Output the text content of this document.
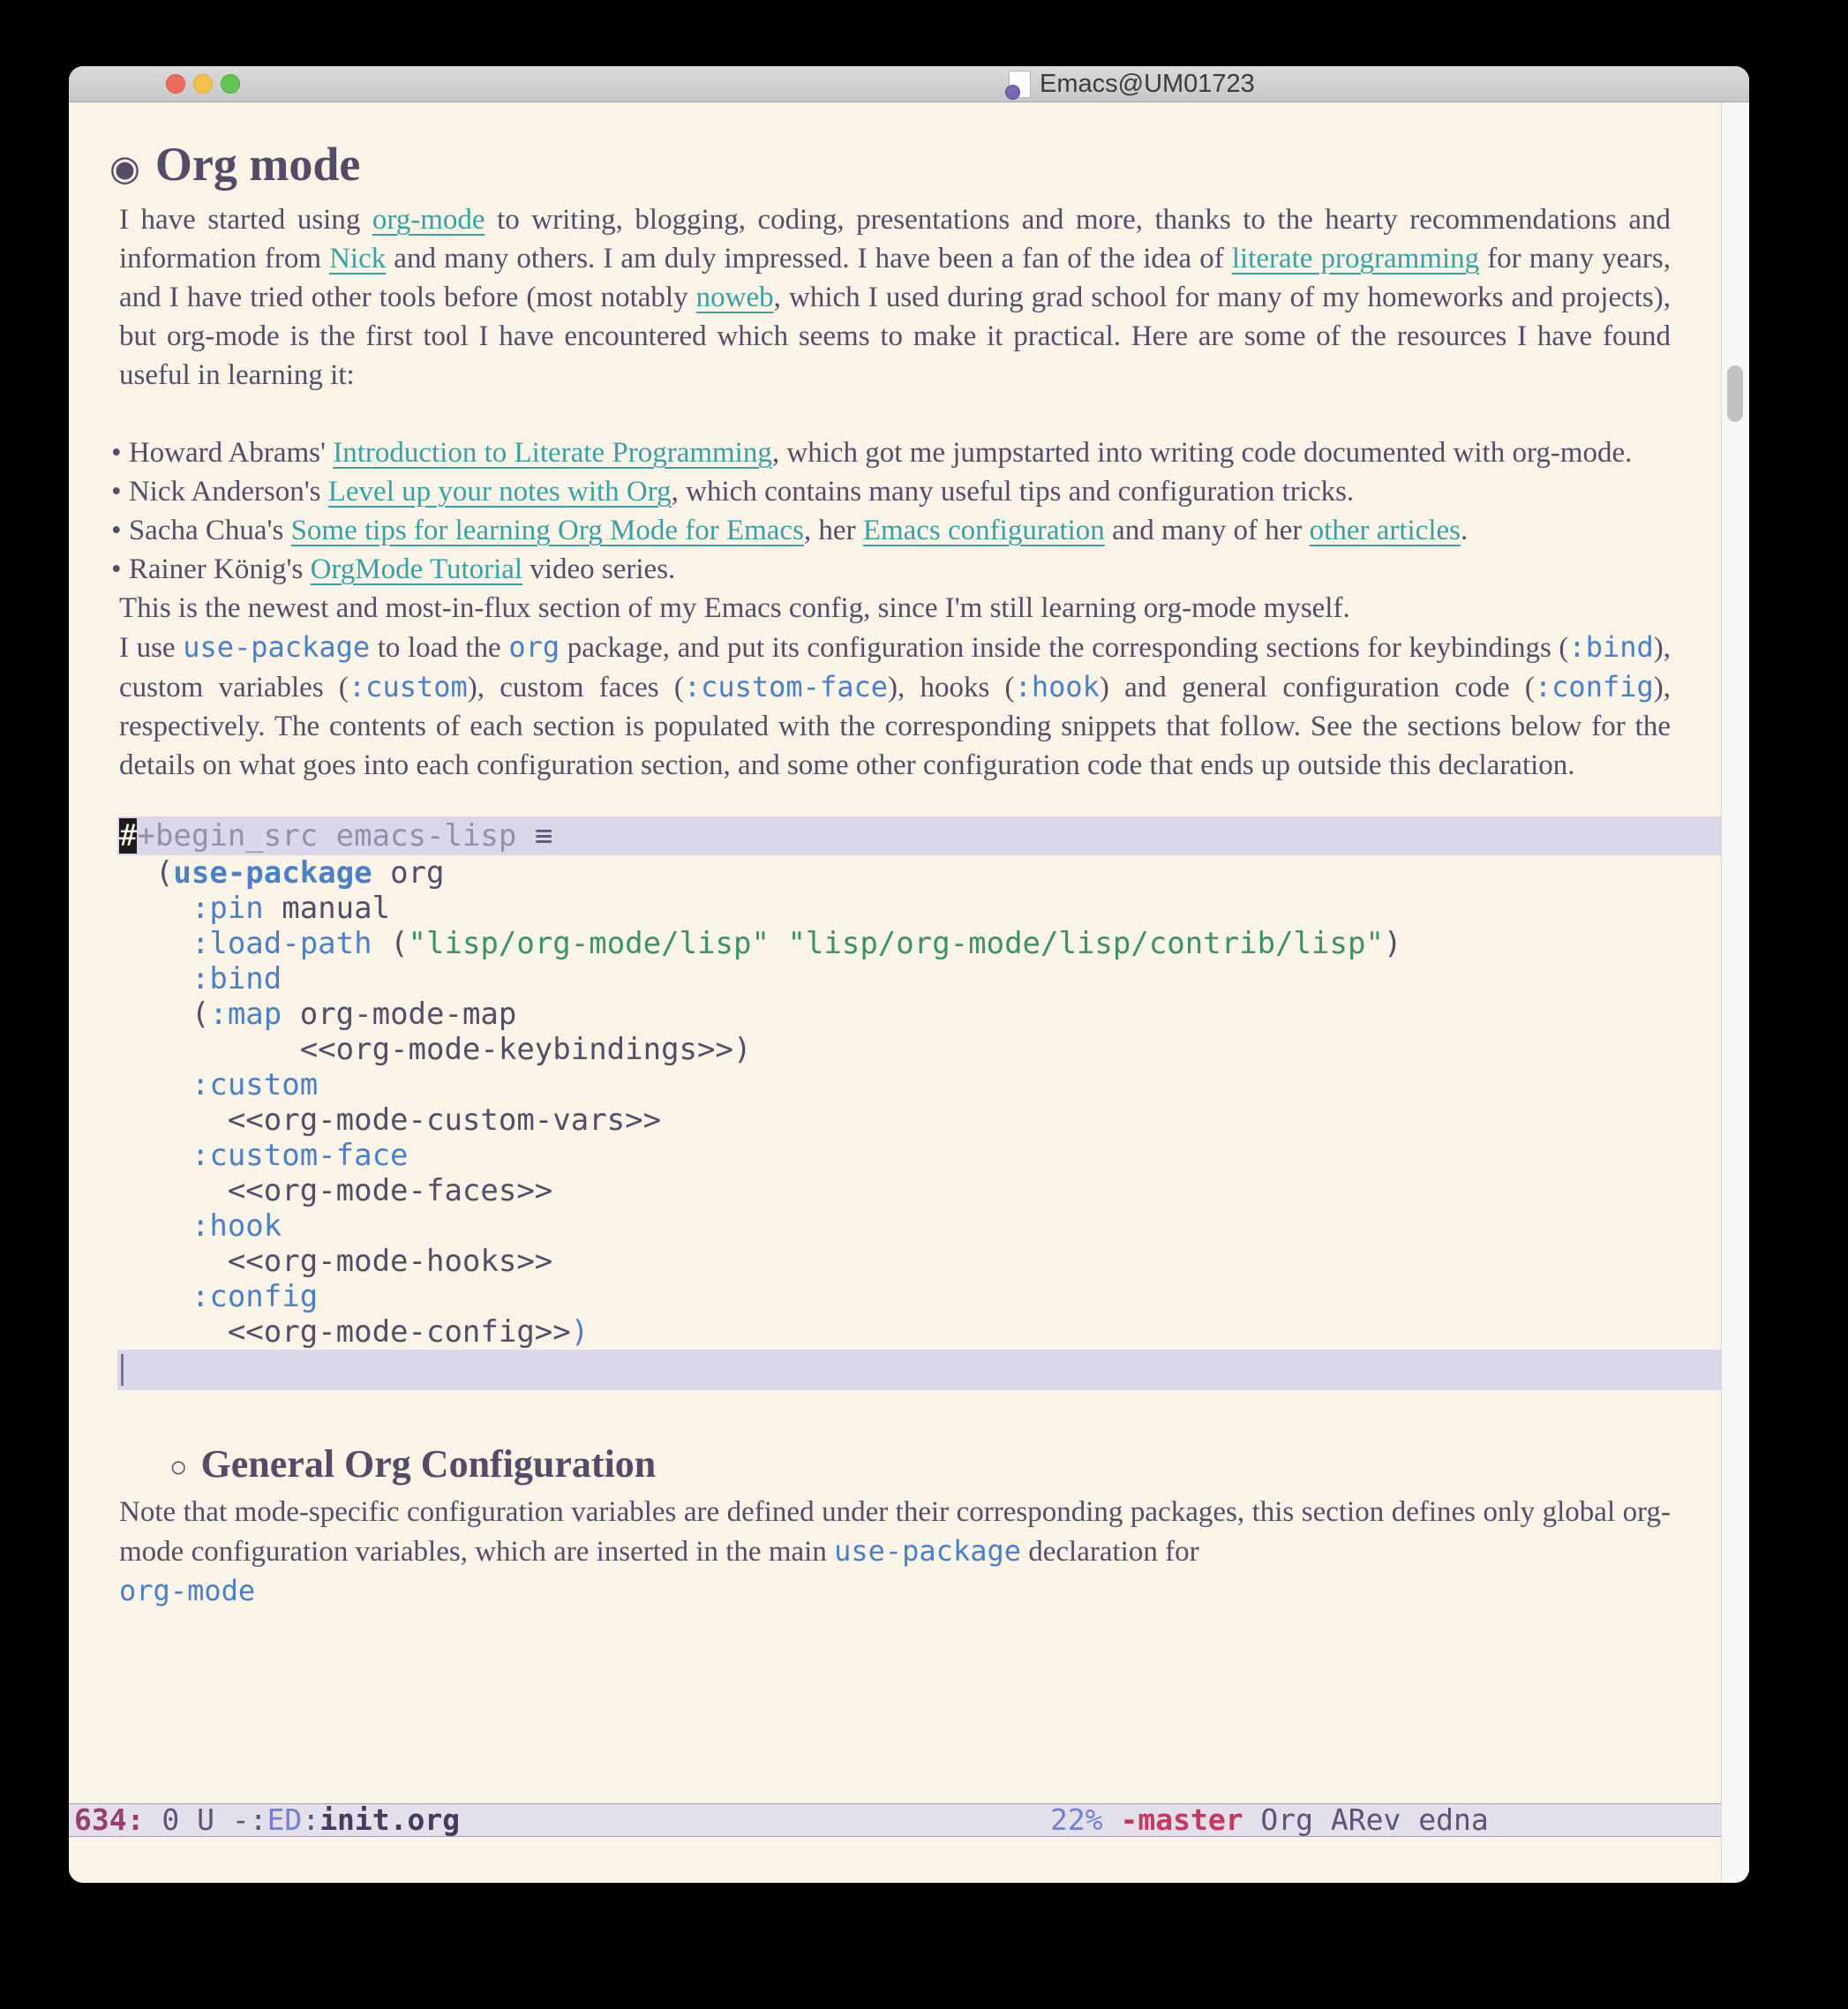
Emacs@UM01723
◉ Org mode

I have started using org-mode to writing, blogging, coding, presentations and more, thanks to the hearty recommendations and information from Nick and many others. I am duly impressed. I have been a fan of the idea of literate programming for many years, and I have tried other tools before (most notably noweb, which I used during grad school for many of my homeworks and projects), but org-mode is the first tool I have encountered which seems to make it practical. Here are some of the resources I have found useful in learning it:

• Howard Abrams' Introduction to Literate Programming, which got me jumpstarted into writing code documented with org-mode.
• Nick Anderson's Level up your notes with Org, which contains many useful tips and configuration tricks.
• Sacha Chua's Some tips for learning Org Mode for Emacs, her Emacs configuration and many of her other articles.
• Rainer König's OrgMode Tutorial video series.

This is the newest and most-in-flux section of my Emacs config, since I'm still learning org-mode myself.

I use use-package to load the org package, and put its configuration inside the corresponding sections for keybindings (:bind), custom variables (:custom), custom faces (:custom-face), hooks (:hook) and general configuration code (:config), respectively. The contents of each section is populated with the corresponding snippets that follow. See the sections below for the details on what goes into each configuration section, and some other configuration code that ends up outside this declaration.

#+begin_src emacs-lisp ≡
(use-package org
:pin manual
:load-path ("lisp/org-mode/lisp" "lisp/org-mode/lisp/contrib/lisp")
:bind
(:map org-mode-map
<<org-mode-keybindings>>)
:custom
<<org-mode-custom-vars>>
:custom-face
<<org-mode-faces>>
:hook
<<org-mode-hooks>>
:config
<<org-mode-config>>)
○ General Org Configuration

Note that mode-specific configuration variables are defined under their corresponding packages, this section defines only global org-mode configuration variables, which are inserted in the main use-package declaration for
org-mode

634: 0 U -:ED:init.org

	22% -master Org ARev edna
